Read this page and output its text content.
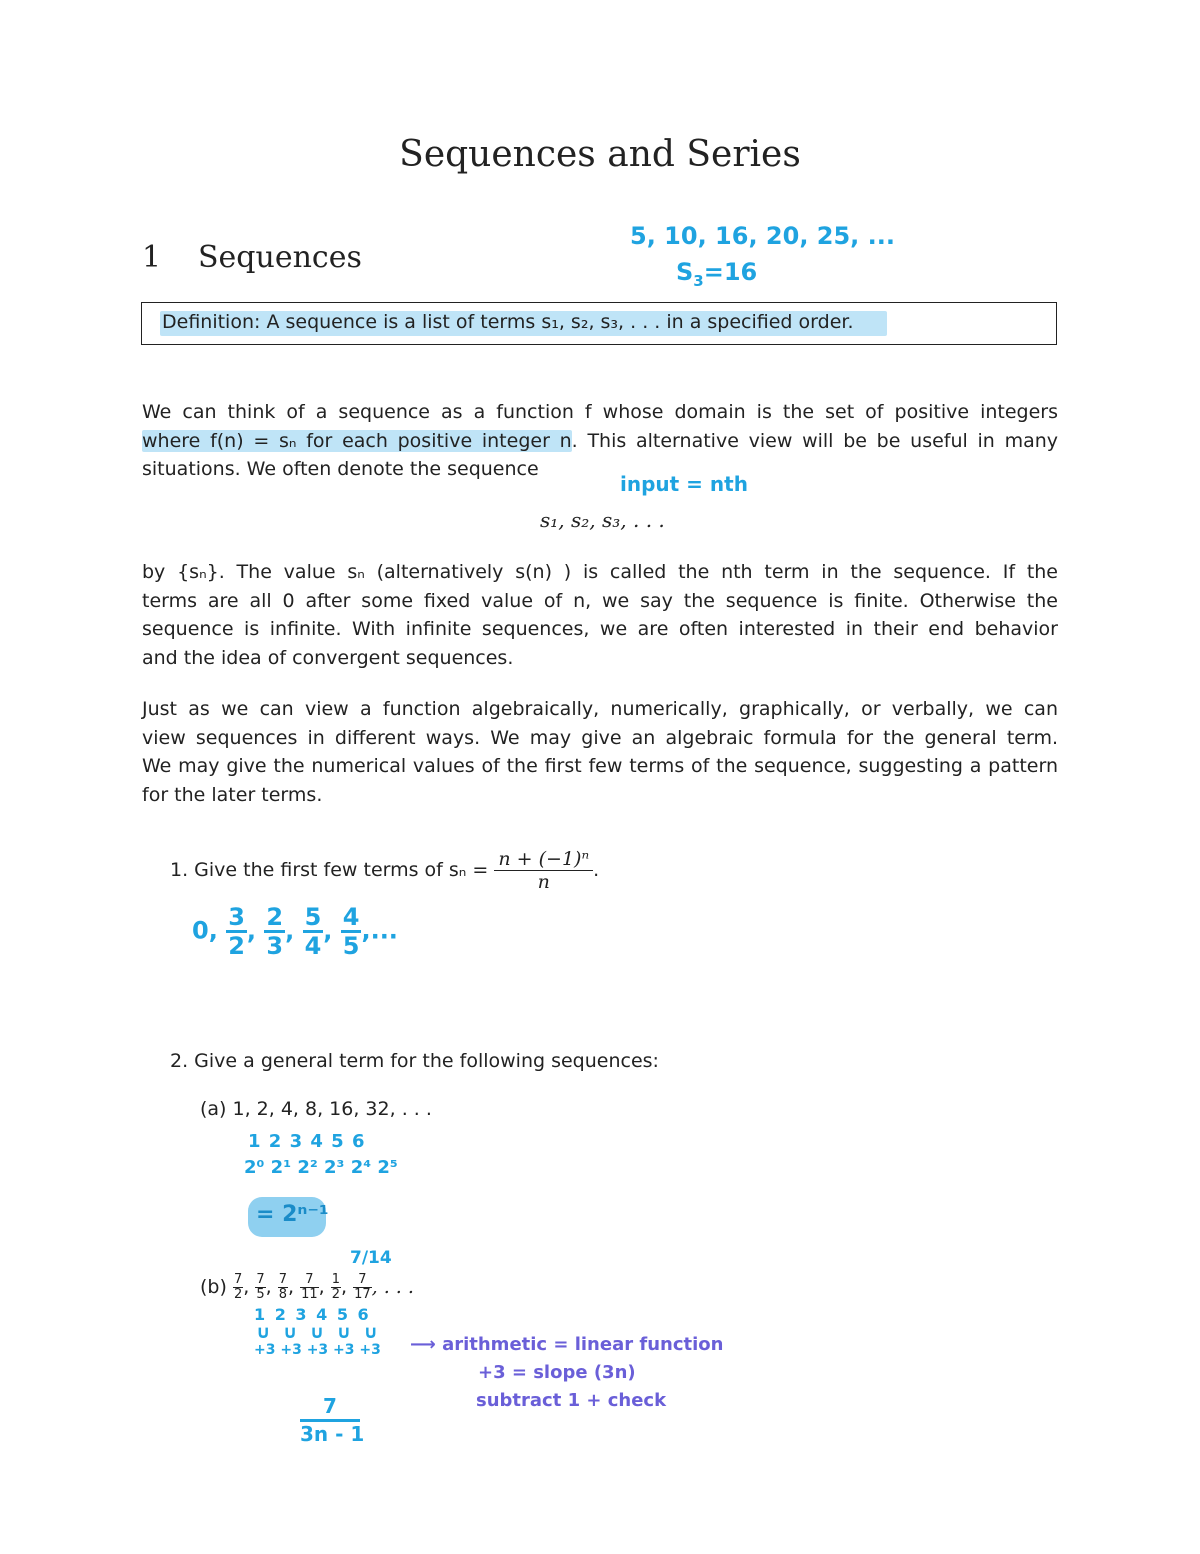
Sequences and Series
1 Sequences
5, 10, 16, 20, 25, ...
$S_3=16$
Definition: A sequence is a list of terms s₁, s₂, s₃, . . . in a specified order.
We can think of a sequence as a function f whose domain is the set of positive integers
where f(n) = sₙ for each positive integer n. This alternative view will be be useful in many
situations. We often denote the sequence
input = nth
s₁, s₂, s₃, . . .
by {sₙ}. The value sₙ (alternatively s(n) ) is called the nth term in the sequence. If the
terms are all 0 after some fixed value of n, we say the sequence is finite. Otherwise the
sequence is infinite. With infinite sequences, we are often interested in their end behavior
and the idea of convergent sequences.
Just as we can view a function algebraically, numerically, graphically, or verbally, we can
view sequences in different ways. We may give an algebraic formula for the general term.
We may give the numerical values of the first few terms of the sequence, suggesting a pattern
for the later terms.
1. Give the first few terms of $s_n = \frac{\text{n + (−1)ⁿ}}{n}$ .
0, $\frac{3}{2}$ , $\frac{2}{3}$ , $\frac{5}{4}$ , $\frac{4}{5}$ ,...
2. Give a general term for the following sequences:
(a) 1, 2, 4, 8, 16, 32, . . .
1 2 3 4 5 6
2⁰ 2¹ 2² 2³ 2⁴ 2⁵
= 2ⁿ⁻¹
7/14
$(b) \frac{7}{2}$ , $\frac{7}{5}$ , $\frac{7}{8}$ , $\frac{7}{11}$ , $\frac{1}{2}$ , $\frac{7}{17}$ , . . .
1 2 3 4 5 6
∪ ∪ ∪ ∪ ∪
+3 +3 +3 +3 +3 ⟶ arithmetic = linear function
+3 = slope (3n)
subtract 1 + check
7
3n - 1
